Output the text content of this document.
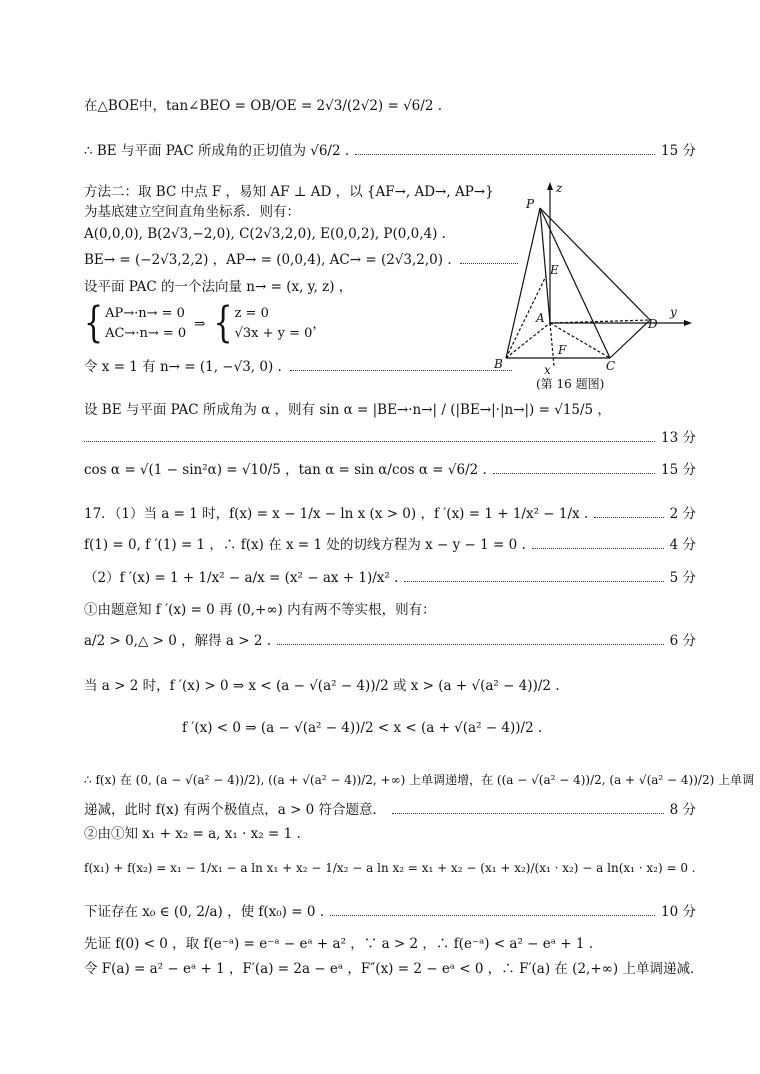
在△BOE中，tan∠BEO = OB/OE = 2√3/(2√2) = √6/2 .
∴ BE 与平面 PAC 所成角的正切值为 √6/2 .	15 分
方法二：取 BC 中点 F ，易知 AF ⊥ AD ，以 {AF→, AD→, AP→}
为基底建立空间直角坐标系．则有：
A(0,0,0), B(2√3,−2,0), C(2√3,2,0), E(0,0,2), P(0,0,4) .
BE→ = (−2√3,2,2) ，AP→ = (0,0,4), AC→ = (2√3,2,0) .
设平面 PAC 的一个法向量 n→ = (x, y, z) ，
{ AP→·n→ = 0
AC→·n→ = 0
⇒ { z = 0
√3x + y = 0
，
令 x = 1 有 n→ = (1, −√3, 0) .
设 BE 与平面 PAC 所成角为 α ，则有 sin α = |BE→·n→| / (|BE→|·|n→|) = √15/5 ，
13 分
cos α = √(1 − sin²α) = √10/5 ，tan α = sin α/cos α = √6/2 .	15 分
17．（1）当 a = 1 时，f(x) = x − 1/x − ln x (x > 0) ，f ′(x) = 1 + 1/x² − 1/x .	2 分
f(1) = 0, f ′(1) = 1 ，∴ f(x) 在 x = 1 处的切线方程为 x − y − 1 = 0 .	4 分
（2）f ′(x) = 1 + 1/x² − a/x = (x² − ax + 1)/x² .	5 分
①由题意知 f ′(x) = 0 再 (0,+∞) 内有两不等实根，则有：
a/2 > 0,△ > 0 ，解得 a > 2 .	6 分
当 a > 2 时，f ′(x) > 0 ⇒ x < (a − √(a² − 4))/2 或 x > (a + √(a² − 4))/2 .
f ′(x) < 0 ⇒ (a − √(a² − 4))/2 < x < (a + √(a² − 4))/2 .
∴ f(x) 在 (0, (a − √(a² − 4))/2), ((a + √(a² − 4))/2, +∞) 上单调递增，在 ((a − √(a² − 4))/2, (a + √(a² − 4))/2) 上单调
递减，此时 f(x) 有两个极值点，a > 0 符合题意．	8 分
②由①知 x₁ + x₂ = a, x₁ · x₂ = 1 .
f(x₁) + f(x₂) = x₁ − 1/x₁ − a ln x₁ + x₂ − 1/x₂ − a ln x₂ = x₁ + x₂ − (x₁ + x₂)/(x₁ · x₂) − a ln(x₁ · x₂) = 0 .
下证存在 x₀ ∈ (0, 2/a) ，使 f(x₀) = 0 .	10 分
先证 f(0) < 0 ，取 f(e⁻ᵃ) = e⁻ᵃ − eᵃ + a² ，∵ a > 2 ，∴ f(e⁻ᵃ) < a² − eᵃ + 1 .
令 F(a) = a² − eᵃ + 1 ，F′(a) = 2a − eᵃ ，F″(x) = 2 − eᵃ < 0 ，∴ F′(a) 在 (2,+∞) 上单调递减．
z
P
E
A	D
y
B
F
C
x
(第 16 题图)
